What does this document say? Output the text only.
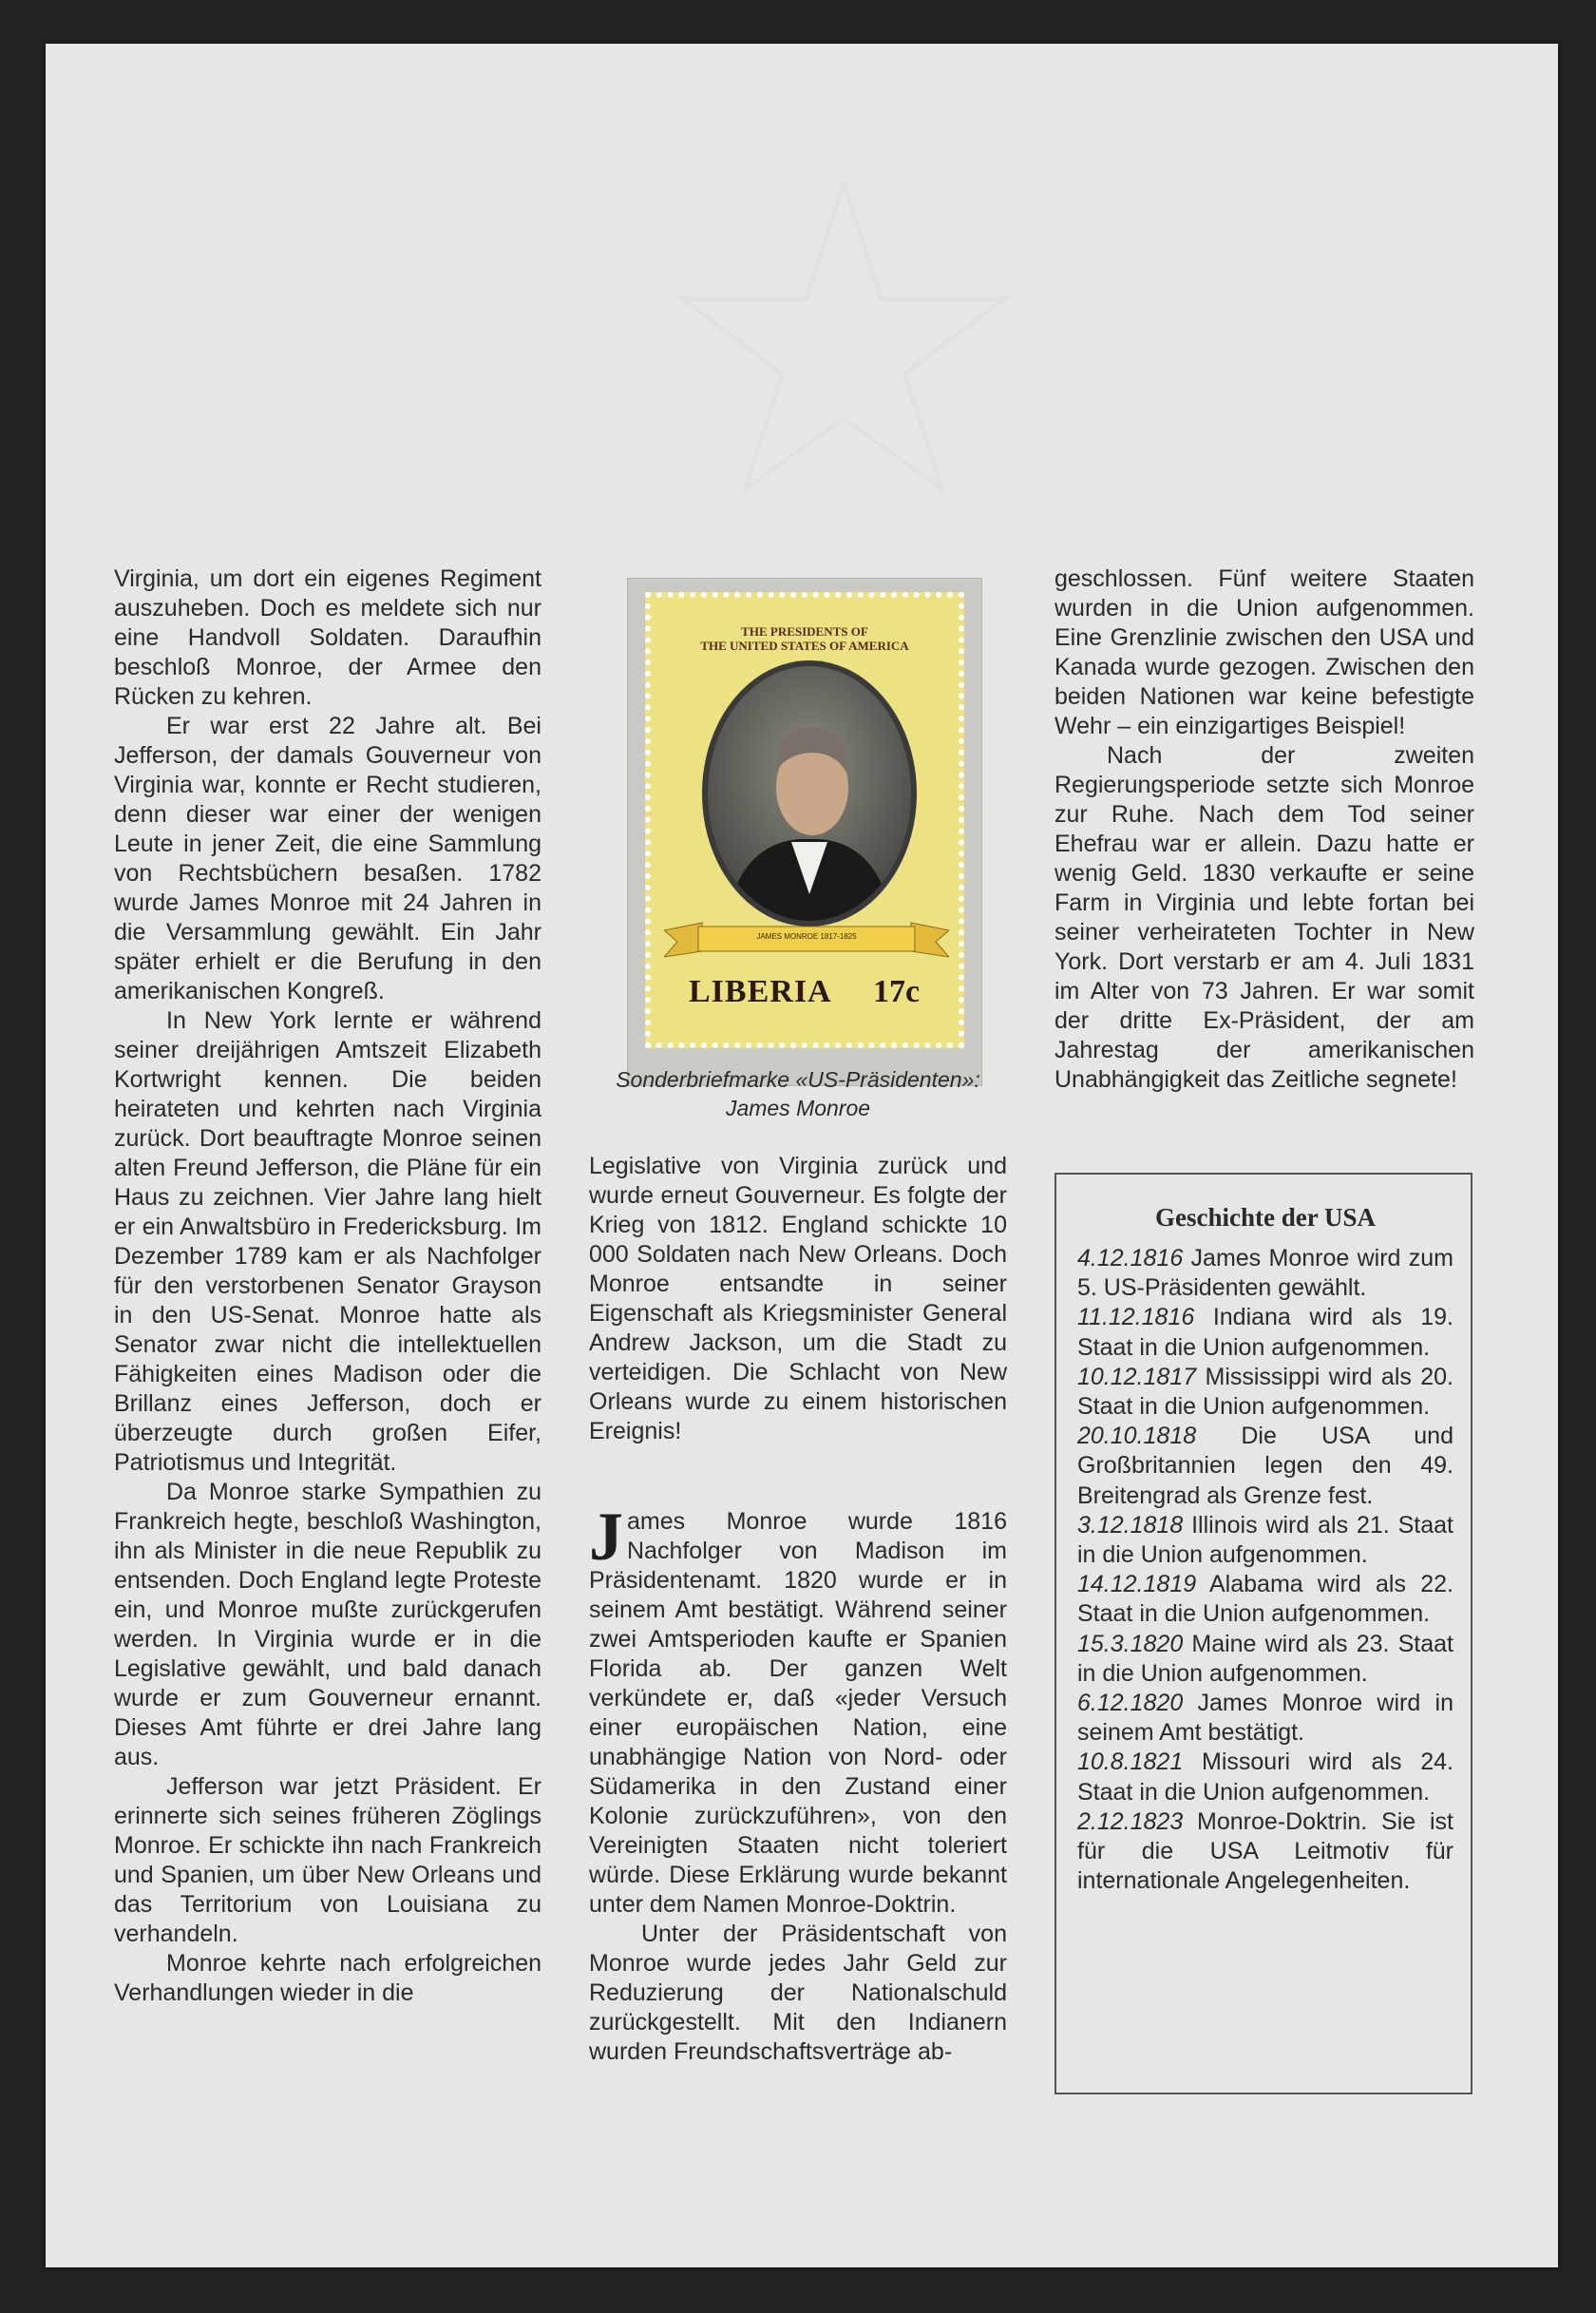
Virginia, um dort ein eigenes Regiment auszuheben. Doch es meldete sich nur eine Handvoll Soldaten. Daraufhin beschloß Monroe, der Armee den Rücken zu kehren.

Er war erst 22 Jahre alt. Bei Jefferson, der damals Gouverneur von Virginia war, konnte er Recht studieren, denn dieser war einer der wenigen Leute in jener Zeit, die eine Sammlung von Rechtsbüchern besaßen. 1782 wurde James Monroe mit 24 Jahren in die Versammlung gewählt. Ein Jahr später erhielt er die Berufung in den amerikanischen Kongreß.

In New York lernte er während seiner dreijährigen Amtszeit Elizabeth Kortwright kennen. Die beiden heirateten und kehrten nach Virginia zurück. Dort beauftragte Monroe seinen alten Freund Jefferson, die Pläne für ein Haus zu zeichnen. Vier Jahre lang hielt er ein Anwaltsbüro in Fredericksburg. Im Dezember 1789 kam er als Nachfolger für den verstorbenen Senator Grayson in den US-Senat. Monroe hatte als Senator zwar nicht die intellektuellen Fähigkeiten eines Madison oder die Brillanz eines Jefferson, doch er überzeugte durch großen Eifer, Patriotismus und Integrität.

Da Monroe starke Sympathien zu Frankreich hegte, beschloß Washington, ihn als Minister in die neue Republik zu entsenden. Doch England legte Proteste ein, und Monroe mußte zurückgerufen werden. In Virginia wurde er in die Legislative gewählt, und bald danach wurde er zum Gouverneur ernannt. Dieses Amt führte er drei Jahre lang aus.

Jefferson war jetzt Präsident. Er erinnerte sich seines früheren Zöglings Monroe. Er schickte ihn nach Frankreich und Spanien, um über New Orleans und das Territorium von Louisiana zu verhandeln.

Monroe kehrte nach erfolgreichen Verhandlungen wieder in die

THE PRESIDENTS OF
THE UNITED STATES OF AMERICA
JAMES MONROE 1817-1825
LIBERIA 17c
Sonderbriefmarke «US-Präsidenten»:
James Monroe

Legislative von Virginia zurück und wurde erneut Gouverneur. Es folgte der Krieg von 1812. England schickte 10 000 Soldaten nach New Orleans. Doch Monroe entsandte in seiner Eigenschaft als Kriegsminister General Andrew Jackson, um die Stadt zu verteidigen. Die Schlacht von New Orleans wurde zu einem historischen Ereignis!

James Monroe wurde 1816 Nachfolger von Madison im Präsidentenamt. 1820 wurde er in seinem Amt bestätigt. Während seiner zwei Amtsperioden kaufte er Spanien Florida ab. Der ganzen Welt verkündete er, daß «jeder Versuch einer europäischen Nation, eine unabhängige Nation von Nord- oder Südamerika in den Zustand einer Kolonie zurückzuführen», von den Vereinigten Staaten nicht toleriert würde. Diese Erklärung wurde bekannt unter dem Namen Monroe-Doktrin.

Unter der Präsidentschaft von Monroe wurde jedes Jahr Geld zur Reduzierung der Nationalschuld zurückgestellt. Mit den Indianern wurden Freundschaftsverträge ab-

geschlossen. Fünf weitere Staaten wurden in die Union aufgenommen. Eine Grenzlinie zwischen den USA und Kanada wurde gezogen. Zwischen den beiden Nationen war keine befestigte Wehr – ein einzigartiges Beispiel!

Nach der zweiten Regierungsperiode setzte sich Monroe zur Ruhe. Nach dem Tod seiner Ehefrau war er allein. Dazu hatte er wenig Geld. 1830 verkaufte er seine Farm in Virginia und lebte fortan bei seiner verheirateten Tochter in New York. Dort verstarb er am 4. Juli 1831 im Alter von 73 Jahren. Er war somit der dritte Ex-Präsident, der am Jahrestag der amerikanischen Unabhängigkeit das Zeitliche segnete!

Geschichte der USA

4.12.1816 James Monroe wird zum 5. US-Präsidenten gewählt.

11.12.1816 Indiana wird als 19. Staat in die Union aufgenommen.

10.12.1817 Mississippi wird als 20. Staat in die Union aufgenommen.

20.10.1818 Die USA und Großbritannien legen den 49. Breitengrad als Grenze fest.

3.12.1818 Illinois wird als 21. Staat in die Union aufgenommen.

14.12.1819 Alabama wird als 22. Staat in die Union aufgenommen.

15.3.1820 Maine wird als 23. Staat in die Union aufgenommen.

6.12.1820 James Monroe wird in seinem Amt bestätigt.

10.8.1821 Missouri wird als 24. Staat in die Union aufgenommen.

2.12.1823 Monroe-Doktrin. Sie ist für die USA Leitmotiv für internationale Angelegenheiten.
